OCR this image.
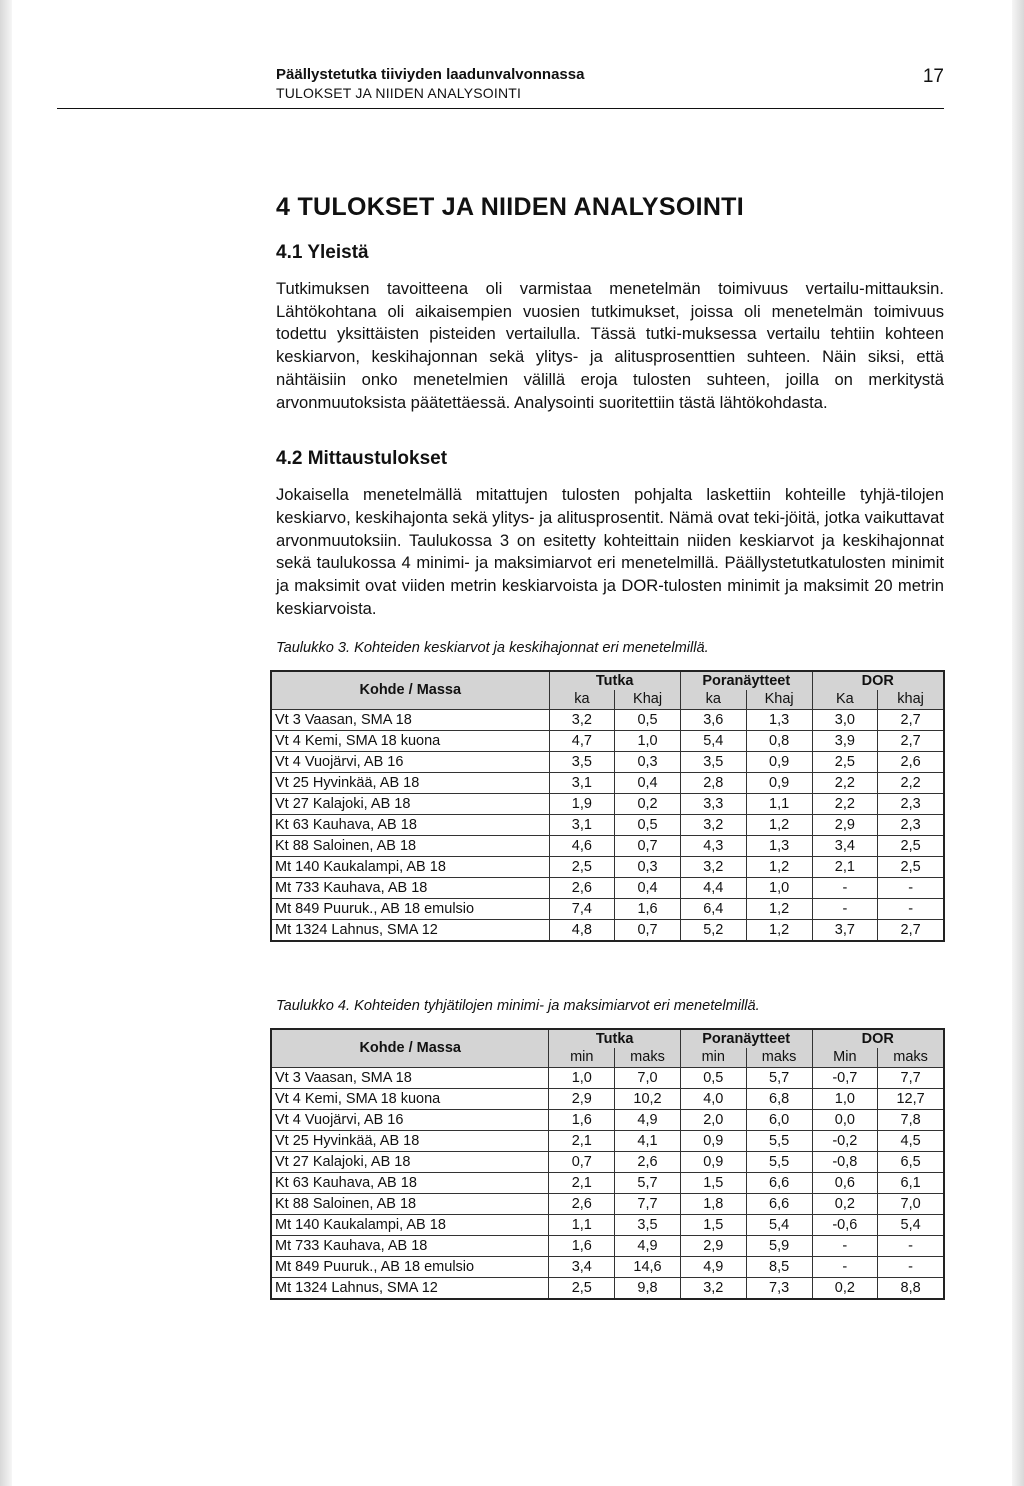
Päällystetutka tiiviyden laadunvalvonnassa
TULOKSET JA NIIDEN ANALYSOINTI
17
4 TULOKSET JA NIIDEN ANALYSOINTI
4.1 Yleistä

Tutkimuksen tavoitteena oli varmistaa menetelmän toimivuus vertailu-mittauksin. Lähtökohtana oli aikaisempien vuosien tutkimukset, joissa oli menetelmän toimivuus todettu yksittäisten pisteiden vertailulla. Tässä tutki-muksessa vertailu tehtiin kohteen keskiarvon, keskihajonnan sekä ylitys- ja alitusprosenttien suhteen. Näin siksi, että nähtäisiin onko menetelmien välillä eroja tulosten suhteen, joilla on merkitystä arvonmuutoksista päätettäessä. Analysointi suoritettiin tästä lähtökohdasta.

4.2 Mittaustulokset

Jokaisella menetelmällä mitattujen tulosten pohjalta laskettiin kohteille tyhjä-tilojen keskiarvo, keskihajonta sekä ylitys- ja alitusprosentit. Nämä ovat teki-jöitä, jotka vaikuttavat arvonmuutoksiin. Taulukossa 3 on esitetty kohteittain niiden keskiarvot ja keskihajonnat sekä taulukossa 4 minimi- ja maksimiarvot eri menetelmillä. Päällystetutkatulosten minimit ja maksimit ovat viiden metrin keskiarvoista ja DOR-tulosten minimit ja maksimit 20 metrin keskiarvoista.

Taulukko 3. Kohteiden keskiarvot ja keskihajonnat eri menetelmillä.
Kohde / Massa	Tutka		Poranäytteet		DOR	
	ka	Khaj	ka	Khaj	Ka	khaj
Vt 3 Vaasan, SMA 18	3,2	0,5	3,6	1,3	3,0	2,7
Vt 4 Kemi, SMA 18 kuona	4,7	1,0	5,4	0,8	3,9	2,7
Vt 4 Vuojärvi, AB 16	3,5	0,3	3,5	0,9	2,5	2,6
Vt 25 Hyvinkää, AB 18	3,1	0,4	2,8	0,9	2,2	2,2
Vt 27 Kalajoki, AB 18	1,9	0,2	3,3	1,1	2,2	2,3
Kt 63 Kauhava, AB 18	3,1	0,5	3,2	1,2	2,9	2,3
Kt 88 Saloinen, AB 18	4,6	0,7	4,3	1,3	3,4	2,5
Mt 140 Kaukalampi, AB 18	2,5	0,3	3,2	1,2	2,1	2,5
Mt 733 Kauhava, AB 18	2,6	0,4	4,4	1,0	-	-
Mt 849 Puuruk., AB 18 emulsio	7,4	1,6	6,4	1,2	-	-
Mt 1324 Lahnus, SMA 12	4,8	0,7	5,2	1,2	3,7	2,7
Taulukko 4. Kohteiden tyhjätilojen minimi- ja maksimiarvot eri menetelmillä.
Kohde / Massa	Tutka		Poranäytteet		DOR	
	min	maks	min	maks	Min	maks
Vt 3 Vaasan, SMA 18	1,0	7,0	0,5	5,7	-0,7	7,7
Vt 4 Kemi, SMA 18 kuona	2,9	10,2	4,0	6,8	1,0	12,7
Vt 4 Vuojärvi, AB 16	1,6	4,9	2,0	6,0	0,0	7,8
Vt 25 Hyvinkää, AB 18	2,1	4,1	0,9	5,5	-0,2	4,5
Vt 27 Kalajoki, AB 18	0,7	2,6	0,9	5,5	-0,8	6,5
Kt 63 Kauhava, AB 18	2,1	5,7	1,5	6,6	0,6	6,1
Kt 88 Saloinen, AB 18	2,6	7,7	1,8	6,6	0,2	7,0
Mt 140 Kaukalampi, AB 18	1,1	3,5	1,5	5,4	-0,6	5,4
Mt 733 Kauhava, AB 18	1,6	4,9	2,9	5,9	-	-
Mt 849 Puuruk., AB 18 emulsio	3,4	14,6	4,9	8,5	-	-
Mt 1324 Lahnus, SMA 12	2,5	9,8	3,2	7,3	0,2	8,8
